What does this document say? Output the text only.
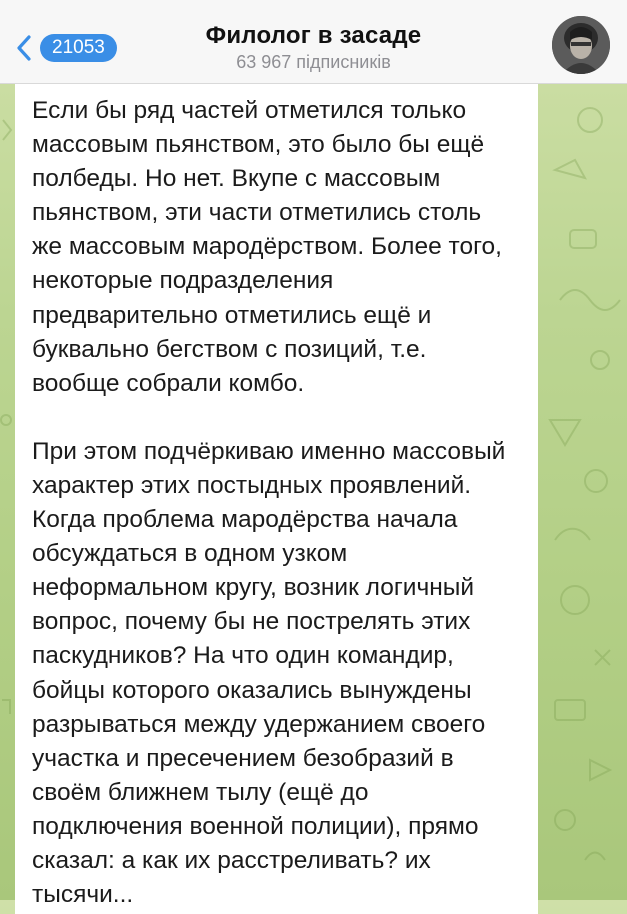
21053	Филолог в засаде
63 967 підписників

Если бы ряд частей отметился только
массовым пьянством, это было бы ещё
полбеды. Но нет. Вкупе с массовым
пьянством, эти части отметились столь
же массовым мародёрством. Более того,
некоторые подразделения
предварительно отметились ещё и
буквально бегством с позиций, т.е.
вообще собрали комбо.

При этом подчёркиваю именно массовый
характер этих постыдных проявлений.
Когда проблема мародёрства начала
обсуждаться в одном узком
неформальном кругу, возник логичный
вопрос, почему бы не пострелять этих
паскудников? На что один командир,
бойцы которого оказались вынуждены
разрываться между удержанием своего
участка и пресечением безобразий в
своём ближнем тылу (ещё до
подключения военной полиции), прямо
сказал: а как их расстреливать? их
тысячи...
